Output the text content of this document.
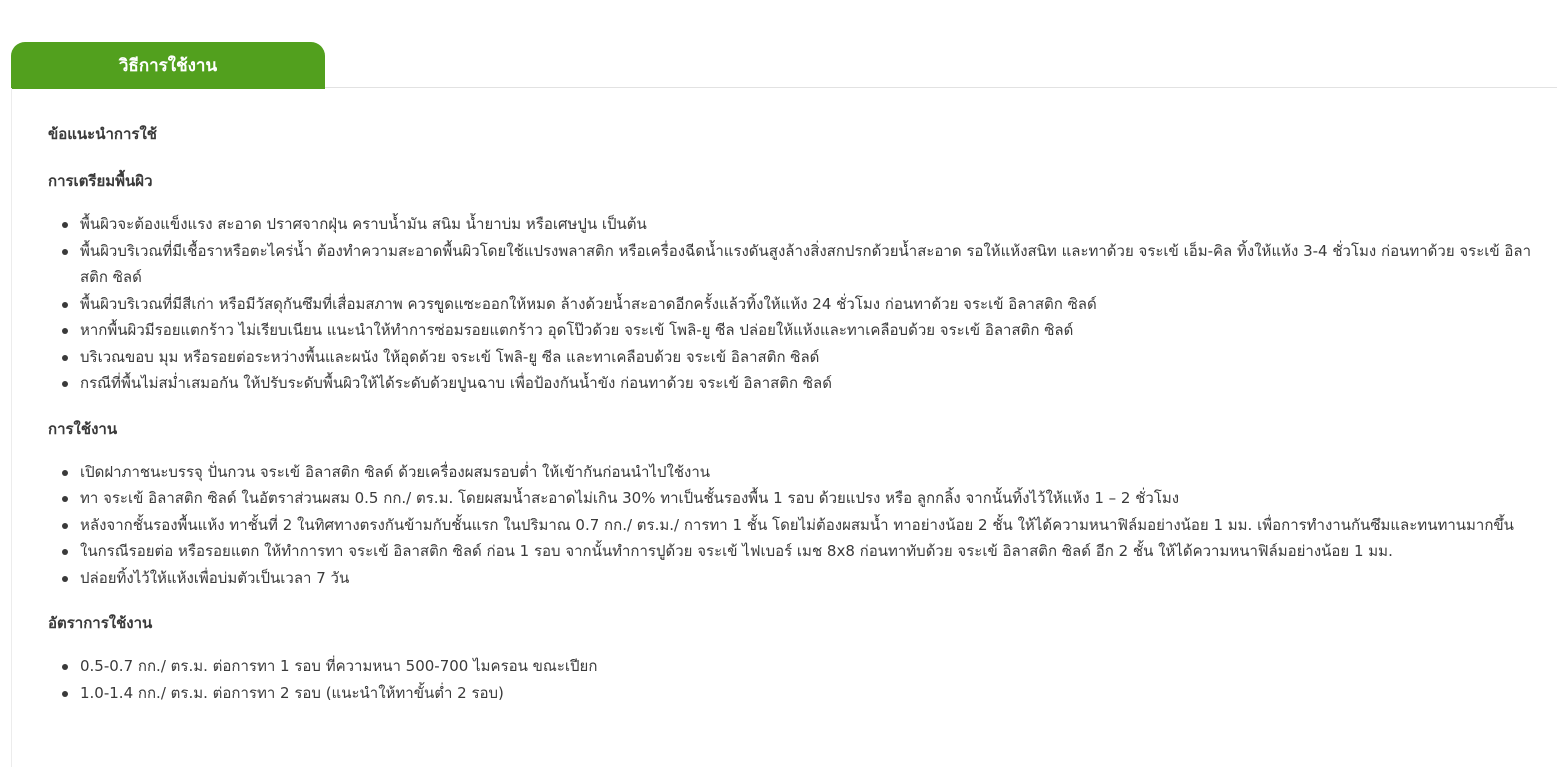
วิธีการใช้งาน
ข้อแนะนำการใช้
การเตรียมพื้นผิว
พื้นผิวจะต้องแข็งแรง สะอาด ปราศจากฝุ่น คราบน้ำมัน สนิม น้ำยาบ่ม หรือเศษปูน เป็นต้น
พื้นผิวบริเวณที่มีเชื้อราหรือตะไคร่น้ำ ต้องทำความสะอาดพื้นผิวโดยใช้แปรงพลาสติก หรือเครื่องฉีดน้ำแรงดันสูงล้างสิ่งสกปรกด้วยน้ำสะอาด รอให้แห้งสนิท และทาด้วย จระเข้ เอ็ม-คิล ทิ้งให้แห้ง 3-4 ชั่วโมง ก่อนทาด้วย จระเข้ อิลาสติก ซิลด์
พื้นผิวบริเวณที่มีสีเก่า หรือมีวัสดุกันซึมที่เสื่อมสภาพ ควรขูดแซะออกให้หมด ล้างด้วยน้ำสะอาดอีกครั้งแล้วทิ้งให้แห้ง 24 ชั่วโมง ก่อนทาด้วย จระเข้ อิลาสติก ซิลด์
หากพื้นผิวมีรอยแตกร้าว ไม่เรียบเนียน แนะนำให้ทำการซ่อมรอยแตกร้าว อุดโป๊วด้วย จระเข้ โพลิ-ยู ซีล ปล่อยให้แห้งและทาเคลือบด้วย จระเข้ อิลาสติก ซิลด์
บริเวณขอบ มุม หรือรอยต่อระหว่างพื้นและผนัง ให้อุดด้วย จระเข้ โพลิ-ยู ซีล และทาเคลือบด้วย จระเข้ อิลาสติก ซิลด์
กรณีที่พื้นไม่สม่ำเสมอกัน ให้ปรับระดับพื้นผิวให้ได้ระดับด้วยปูนฉาบ เพื่อป้องกันน้ำขัง ก่อนทาด้วย จระเข้ อิลาสติก ซิลด์
การใช้งาน
เปิดฝาภาชนะบรรจุ ปั่นกวน จระเข้ อิลาสติก ซิลด์ ด้วยเครื่องผสมรอบต่ำ ให้เข้ากันก่อนนำไปใช้งาน
ทา จระเข้ อิลาสติก ซิลด์ ในอัตราส่วนผสม 0.5 กก./ ตร.ม. โดยผสมน้ำสะอาดไม่เกิน 30% ทาเป็นชั้นรองพื้น 1 รอบ ด้วยแปรง หรือ ลูกกลิ้ง จากนั้นทิ้งไว้ให้แห้ง 1 – 2 ชั่วโมง
หลังจากชั้นรองพื้นแห้ง ทาชั้นที่ 2 ในทิศทางตรงกันข้ามกับชั้นแรก ในปริมาณ 0.7 กก./ ตร.ม./ การทา 1 ชั้น โดยไม่ต้องผสมน้ำ ทาอย่างน้อย 2 ชั้น ให้ได้ความหนาฟิล์มอย่างน้อย 1 มม. เพื่อการทำงานกันซึมและทนทานมากขึ้น
ในกรณีรอยต่อ หรือรอยแตก ให้ทำการทา จระเข้ อิลาสติก ซิลด์ ก่อน 1 รอบ จากนั้นทำการปูด้วย จระเข้ ไฟเบอร์ เมช 8x8 ก่อนทาทับด้วย จระเข้ อิลาสติก ซิลด์ อีก 2 ชั้น ให้ได้ความหนาฟิล์มอย่างน้อย 1 มม.
ปล่อยทิ้งไว้ให้แห้งเพื่อบ่มตัวเป็นเวลา 7 วัน
อัตราการใช้งาน
0.5-0.7 กก./ ตร.ม. ต่อการทา 1 รอบ ที่ความหนา 500-700 ไมครอน ขณะเปียก
1.0-1.4 กก./ ตร.ม. ต่อการทา 2 รอบ (แนะนำให้ทาขั้นต่ำ 2 รอบ)
